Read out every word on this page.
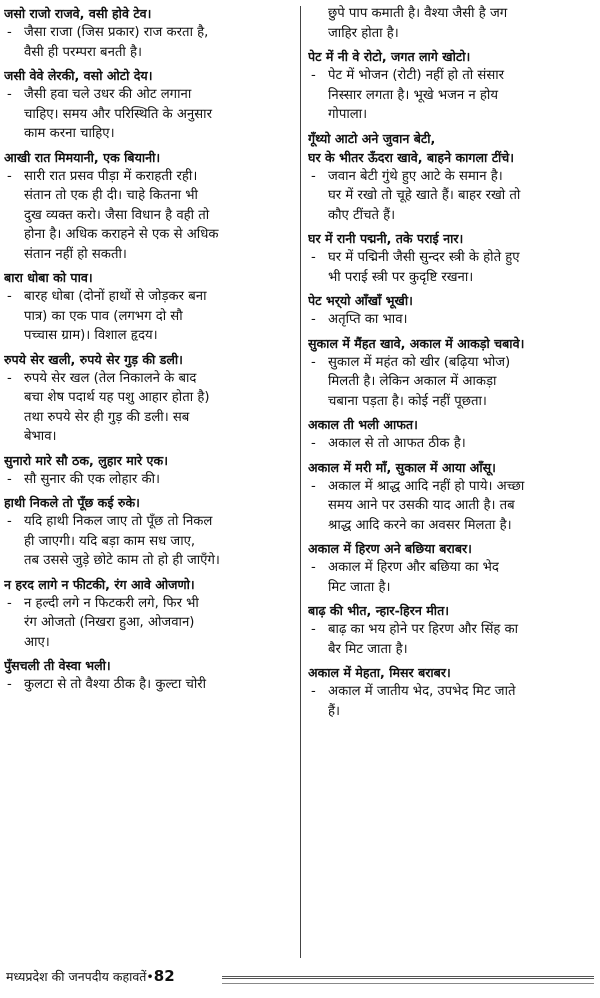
जसो राजो राजवे, वसी होवे टेव।
- जैसा राजा (जिस प्रकार) राज करता है,
वैसी ही परम्परा बनती है।
जसी वेवे लेरकी, वसो ओटो देय।
- जैसी हवा चले उधर की ओट लगाना
चाहिए। समय और परिस्थिति के अनुसार
काम करना चाहिए।
आखी रात मिमयानी, एक बियानी।
- सारी रात प्रसव पीड़ा में कराहती रही।
संतान तो एक ही दी। चाहे कितना भी
दुख व्यक्त करो। जैसा विधान है वही तो
होना है। अधिक कराहने से एक से अधिक
संतान नहीं हो सकती।
बारा धोबा को पाव।
- बारह धोबा (दोनों हाथों से जोड़कर बना
पात्र) का एक पाव (लगभग दो सौ
पच्चास ग्राम)। विशाल हृदय।
रुपये सेर खली, रुपये सेर गुड़ की डली।
- रुपये सेर खल (तेल निकालने के बाद
बचा शेष पदार्थ यह पशु आहार होता है)
तथा रुपये सेर ही गुड़ की डली। सब
बेभाव।
सुनारो मारे सौ ठक, लुहार मारे एक।
- सौ सुनार की एक लोहार की।
हाथी निकले तो पूँछ कई रुके।
- यदि हाथी निकल जाए तो पूँछ तो निकल
ही जाएगी। यदि बड़ा काम सध जाए,
तब उससे जुड़े छोटे काम तो हो ही जाएँगे।
न हरद लागे न फीटकी, रंग आवे ओजणो।
- न हल्दी लगे न फिटकरी लगे, फिर भी
रंग ओजतो (निखरा हुआ, ओजवान)
आए।
पुँसचली ती वेस्वा भली।
- कुलटा से तो वैश्या ठीक है। कुल्टा चोरी
छुपे पाप कमाती है। वैश्या जैसी है जग
जाहिर होता है।
पेट में नी वे रोटो, जगत लागे खोटो।
- पेट में भोजन (रोटी) नहीं हो तो संसार
निस्सार लगता है। भूखे भजन न होय
गोपाला।
गूँथ्यो आटो अने जुवान बेटी,
घर के भीतर ऊँदरा खावे, बाहने कागला टींचे।
- जवान बेटी गुंथे हुए आटे के समान है।
घर में रखो तो चूहे खाते हैं। बाहर रखो तो
कौए टींचते हैं।
घर में रानी पद्मनी, तके पराई नार।
- घर में पद्मिनी जैसी सुन्दर स्त्री के होते हुए
भी पराई स्त्री पर कुदृष्टि रखना।
पेट भर्‌यो आँखाँ भूखी।
- अतृप्ति का भाव।
सुकाल में मैंहत खावे, अकाल में आकड़ो चबावे।
- सुकाल में महंत को खीर (बढ़िया भोज)
मिलती है। लेकिन अकाल में आकड़ा
चबाना पड़ता है। कोई नहीं पूछता।
अकाल ती भली आफत।
- अकाल से तो आफत ठीक है।
अकाल में मरी माँ, सुकाल में आया आँसू।
- अकाल में श्राद्ध आदि नहीं हो पाये। अच्छा
समय आने पर उसकी याद आती है। तब
श्राद्ध आदि करने का अवसर मिलता है।
अकाल में हिरण अने बछिया बराबर।
- अकाल में हिरण और बछिया का भेद
मिट जाता है।
बाढ़ की भीत, न्हार-हिरन मीत।
- बाढ़ का भय होने पर हिरण और सिंह का
बैर मिट जाता है।
अकाल में मेहता, मिसर बराबर।
- अकाल में जातीय भेद, उपभेद मिट जाते
हैं।
मध्यप्रदेश की जनपदीय कहावतें•82
